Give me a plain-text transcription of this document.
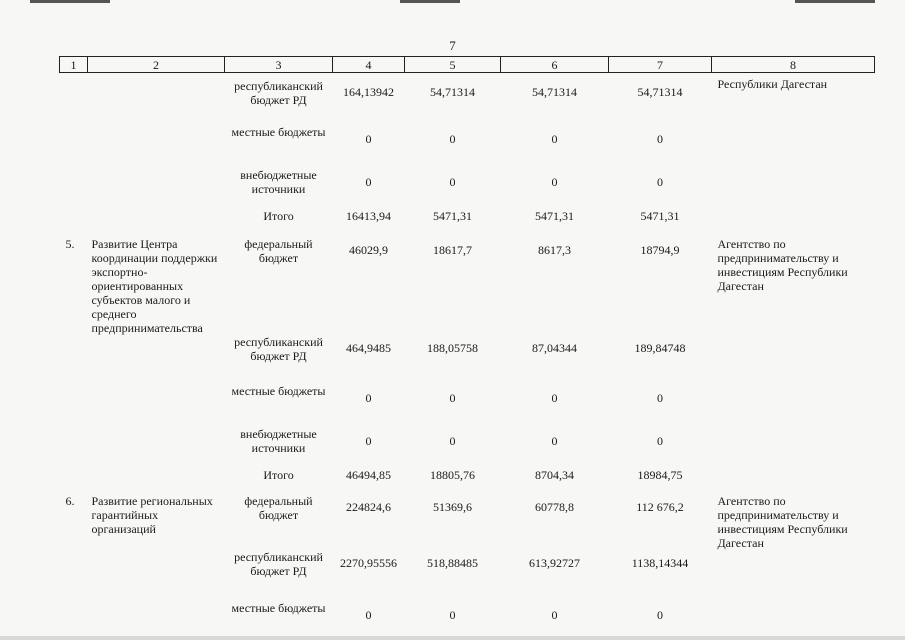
7
1	2	3	4	5	6	7	8
		республиканский бюджет РД	164,13942	54,71314	54,71314	54,71314	Республики Дагестан
		местные бюджеты	0	0	0	0	
		внебюджетные источники	0	0	0	0	
		Итого	16413,94	5471,31	5471,31	5471,31	
5.	Развитие Центра координации поддержки экспортно-ориентированных субъектов малого и среднего предпринимательства	федеральный бюджет	46029,9	18617,7	8617,3	18794,9	Агентство по предпринимательству и инвестициям Республики Дагестан
		республиканский бюджет РД	464,9485	188,05758	87,04344	189,84748	
		местные бюджеты	0	0	0	0	
		внебюджетные источники	0	0	0	0	
		Итого	46494,85	18805,76	8704,34	18984,75	
6.	Развитие региональных гарантийных организаций	федеральный бюджет	224824,6	51369,6	60778,8	112 676,2	Агентство по предпринимательству и инвестициям Республики Дагестан
		республиканский бюджет РД	2270,95556	518,88485	613,92727	1138,14344	
		местные бюджеты	0	0	0	0	
